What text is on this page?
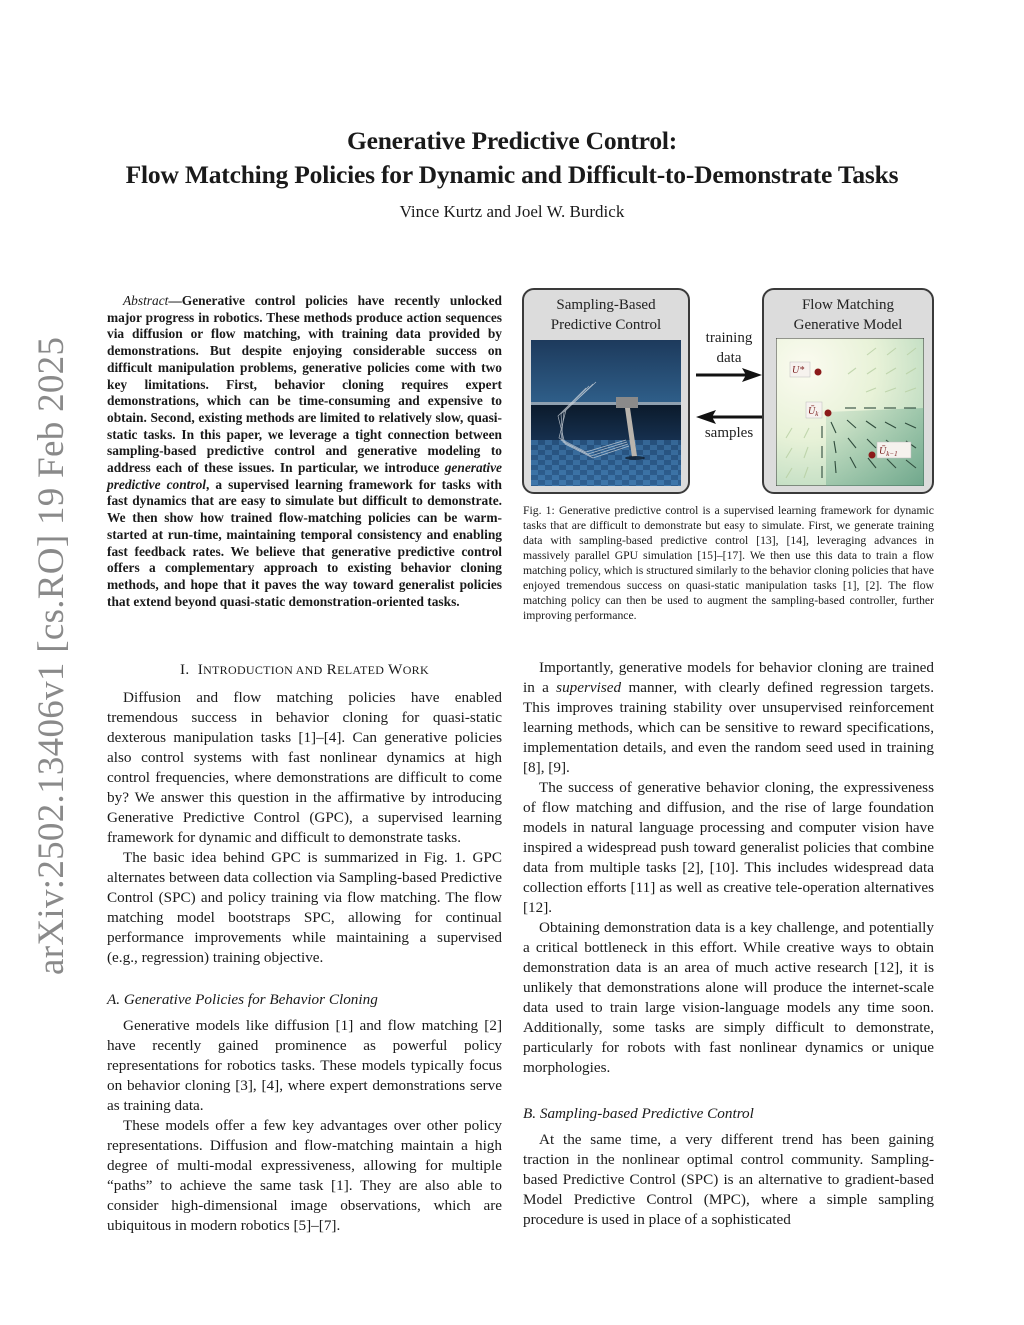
Generative Predictive Control:
Flow Matching Policies for Dynamic and Difficult-to-Demonstrate Tasks
Vince Kurtz and Joel W. Burdick
arXiv:2502.13406v1 [cs.RO] 19 Feb 2025
Abstract—Generative control policies have recently unlocked major progress in robotics. These methods produce action sequences via diffusion or flow matching, with training data provided by demonstrations. But despite enjoying considerable success on difficult manipulation problems, generative policies come with two key limitations. First, behavior cloning requires expert demonstrations, which can be time-consuming and expensive to obtain. Second, existing methods are limited to relatively slow, quasi-static tasks. In this paper, we leverage a tight connection between sampling-based predictive control and generative modeling to address each of these issues. In particular, we introduce generative predictive control, a supervised learning framework for tasks with fast dynamics that are easy to simulate but difficult to demonstrate. We then show how trained flow-matching policies can be warm-started at run-time, maintaining temporal consistency and enabling fast feedback rates. We believe that generative predictive control offers a complementary approach to existing behavior cloning methods, and hope that it paves the way toward generalist policies that extend beyond quasi-static demonstration-oriented tasks.
Sampling-Based
Predictive Control
training
data
samples
Flow Matching
Generative Model
U*
$Ū_k$
$Ū_{k-1}$
Fig. 1: Generative predictive control is a supervised learning framework for dynamic tasks that are difficult to demonstrate but easy to simulate. First, we generate training data with sampling-based predictive control [13], [14], leveraging advances in massively parallel GPU simulation [15]–[17]. We then use this data to train a flow matching policy, which is structured similarly to the behavior cloning policies that have enjoyed tremendous success on quasi-static manipulation tasks [1], [2]. The flow matching policy can then be used to augment the sampling-based controller, further improving performance.
I. INTRODUCTION AND RELATED WORK

Diffusion and flow matching policies have enabled tremendous success in behavior cloning for quasi-static dexterous manipulation tasks [1]–[4]. Can generative policies also control systems with fast nonlinear dynamics at high control frequencies, where demonstrations are difficult to come by? We answer this question in the affirmative by introducing Generative Predictive Control (GPC), a supervised learning framework for dynamic and difficult to demonstrate tasks.

The basic idea behind GPC is summarized in Fig. 1. GPC alternates between data collection via Sampling-based Predictive Control (SPC) and policy training via flow matching. The flow matching model bootstraps SPC, allowing for continual performance improvements while maintaining a supervised (e.g., regression) training objective.

A. Generative Policies for Behavior Cloning

Generative models like diffusion [1] and flow matching [2] have recently gained prominence as powerful policy representations for robotics tasks. These models typically focus on behavior cloning [3], [4], where expert demonstrations serve as training data.

These models offer a few key advantages over other policy representations. Diffusion and flow-matching maintain a high degree of multi-modal expressiveness, allowing for multiple “paths” to achieve the same task [1]. They are also able to consider high-dimensional image observations, which are ubiquitous in modern robotics [5]–[7].

Importantly, generative models for behavior cloning are trained in a supervised manner, with clearly defined regression targets. This improves training stability over unsupervised reinforcement learning methods, which can be sensitive to reward specifications, implementation details, and even the random seed used in training [8], [9].

The success of generative behavior cloning, the expressiveness of flow matching and diffusion, and the rise of large foundation models in natural language processing and computer vision have inspired a widespread push toward generalist policies that combine data from multiple tasks [2], [10]. This includes widespread data collection efforts [11] as well as creative tele-operation alternatives [12].

Obtaining demonstration data is a key challenge, and potentially a critical bottleneck in this effort. While creative ways to obtain demonstration data is an area of much active research [12], it is unlikely that demonstrations alone will produce the internet-scale data used to train large vision-language models any time soon. Additionally, some tasks are simply difficult to demonstrate, particularly for robots with fast nonlinear dynamics or unique morphologies.

B. Sampling-based Predictive Control

At the same time, a very different trend has been gaining traction in the nonlinear optimal control community. Sampling-based Predictive Control (SPC) is an alternative to gradient-based Model Predictive Control (MPC), where a simple sampling procedure is used in place of a sophisticated
